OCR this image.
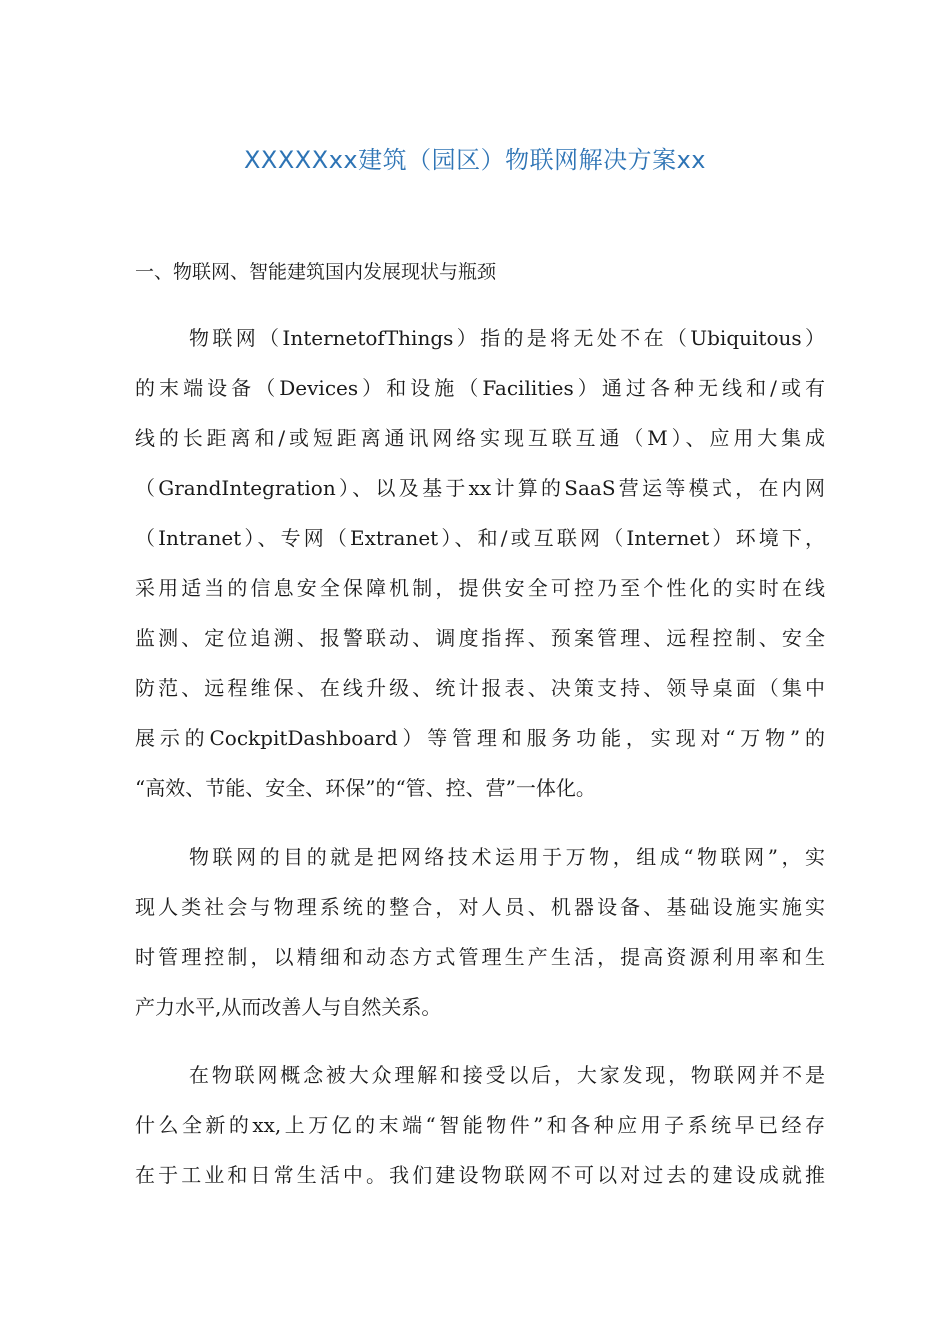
XXXXXxx建筑（园区）物联网解决方案xx
一、物联网、智能建筑国内发展现状与瓶颈
物联网（InternetofThings）指的是将无处不在（Ubiquitous）
的末端设备（Devices）和设施（Facilities）通过各种无线和/或有
线的长距离和/或短距离通讯网络实现互联互通（M）、应用大集成
（GrandIntegration）、以及基于xx计算的SaaS营运等模式，在内网
（Intranet）、专网（Extranet）、和/或互联网（Internet）环境下，
采用适当的信息安全保障机制，提供安全可控乃至个性化的实时在线
监测、定位追溯、报警联动、调度指挥、预案管理、远程控制、安全
防范、远程维保、在线升级、统计报表、决策支持、领导桌面（集中
展示的CockpitDashboard）等管理和服务功能，实现对“万物”的
“高效、节能、安全、环保”的“管、控、营”一体化。
物联网的目的就是把网络技术运用于万物，组成“物联网”，实
现人类社会与物理系统的整合，对人员、机器设备、基础设施实施实
时管理控制，以精细和动态方式管理生产生活，提高资源利用率和生
产力水平,从而改善人与自然关系。
在物联网概念被大众理解和接受以后，大家发现，物联网并不是
什么全新的xx,上万亿的末端“智能物件”和各种应用子系统早已经存
在于工业和日常生活中。我们建设物联网不可以对过去的建设成就推
